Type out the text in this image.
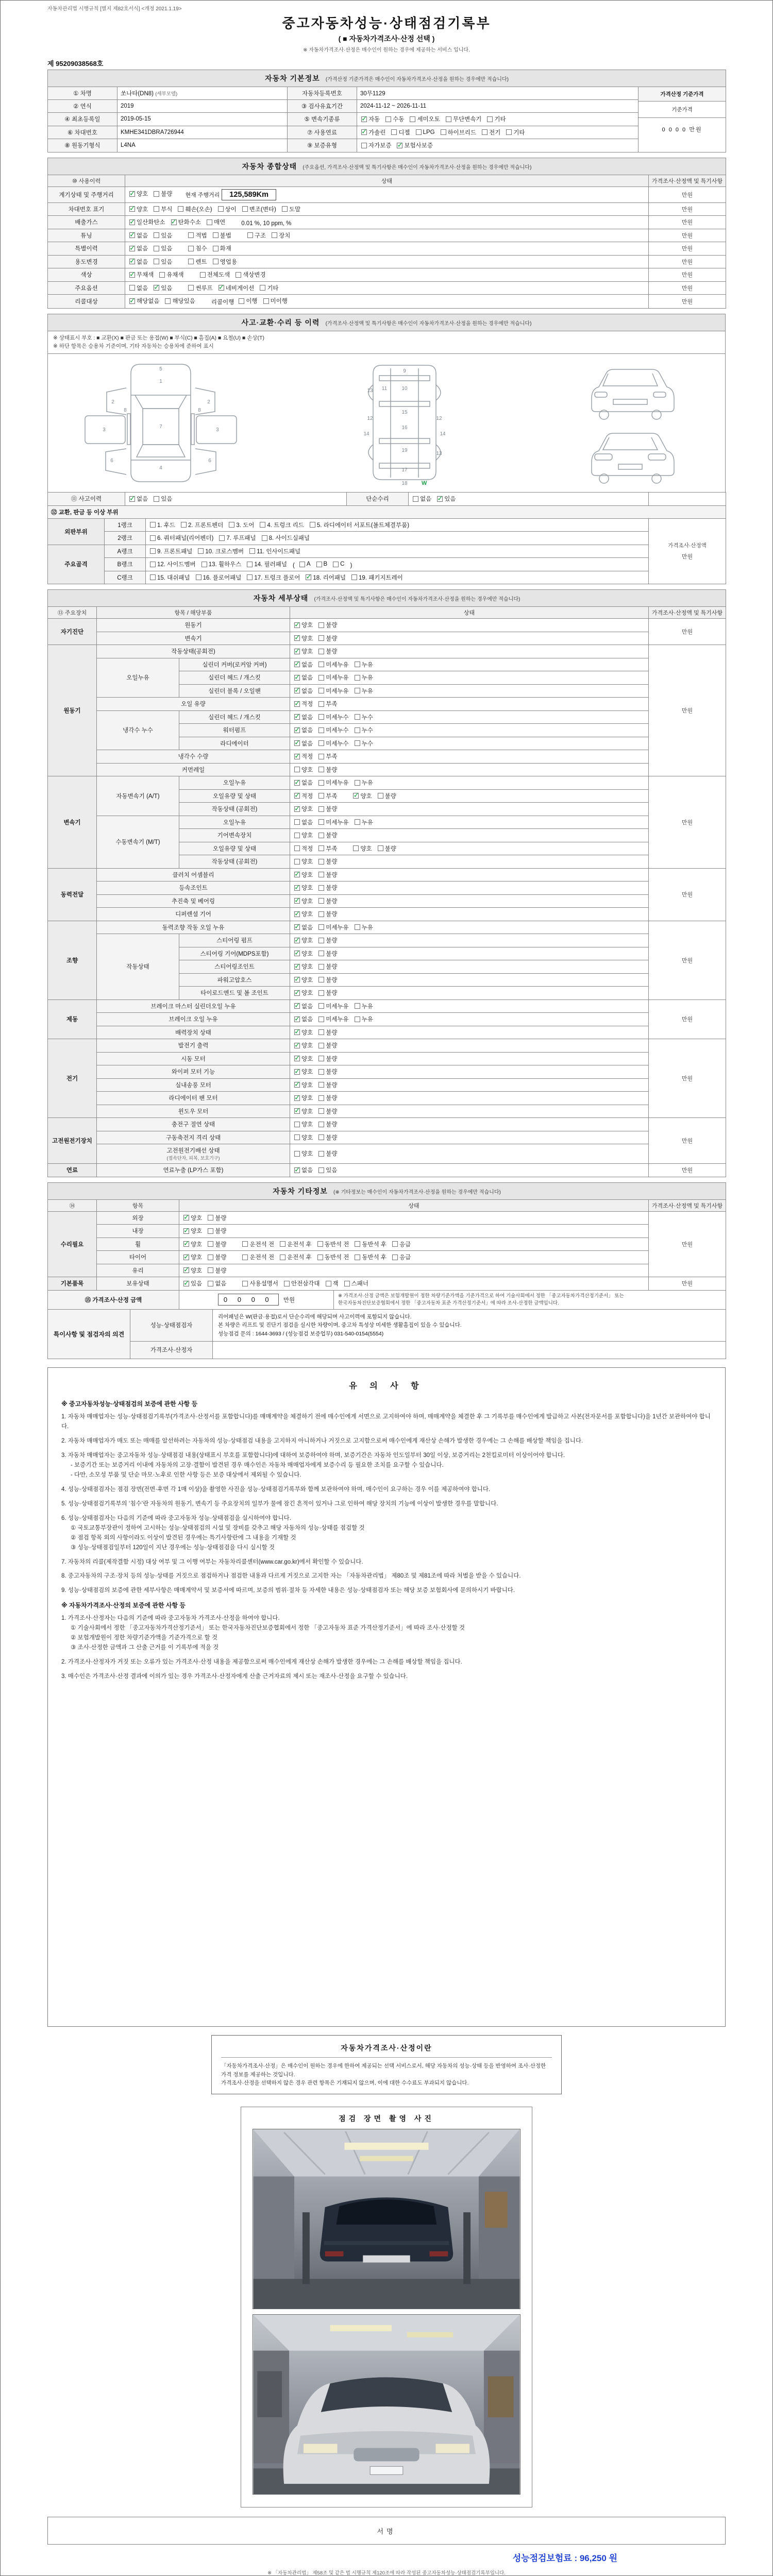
자동차관리법 시행규칙 [별지 제82호서식] <개정 2021.1.19>
중고자동차성능·상태점검기록부
( ■ 자동차가격조사·산정 선택 )
※ 자동차가격조사·산정은 매수인이 원하는 경우에 제공하는 서비스 입니다.
제 95209038568호
자동차 기본정보 (가격산정 기준가격은 매수인이 자동차가격조사·산정을 원하는 경우에만 적습니다)				
① 차명	쏘나타(DN8) (세부모델)	자동차등록번호	30무1129	가격산정 기준가격
기준가격
0 0 0 0 만원

② 연식	2019	③ 검사유효기간	2024-11-12 ~ 2026-11-11	
④ 최초등록일	2019-05-15	⑤ 변속기종류	
✓자동 수동 세미오토 무단변속기 기타

⑥ 차대번호	KMHE341DBRA726944	⑦ 사용연료	
✓가솔린 디젤 LPG 하이브리드 전기 기타

⑧ 원동기형식	L4NA	⑨ 보증유형	자가보증 ✓ 보험사보증
자동차 종합상태 (주요옵션, 가격조사·산정액 및 특기사항은 매수인이 자동차가격조사·산정을 원하는 경우에만 적습니다)		
⑩ 사용이력	상태	가격조사·산정액 및 특기사항
계기상태 및 주행거리	
✓양호 불량 현재 주행거리 125,589Km	만원
차대번호 표기	
✓양호 부식 훼손(오손) 상이 변조(변타) 도말	만원
배출가스	
✓일산화탄소 ✓ 탄화수소 매연 0.01 %, 10 ppm, %	만원
튜닝	
✓없음 있음	적법 불법	구조 장치	만원
특별이력	
✓없음 있음 침수 화재	만원
용도변경	
✓없음 있음 렌트 영업용	만원
색상	
✓무채색 유채색 전체도색 색상변경	만원
주요옵션	없음 ✓ 있음 썬루프 ✓ 네비게이션 기타	만원
리콜대상	
✓해당없음 해당있음 리콜이행 이행 미이행	만원
사고·교환·수리 등 이력 (가격조사·산정액 및 특기사항은 매수인이 자동차가격조사·산정을 원하는 경우에만 적습니다)

※ 상태표시 부호 : ■ 교환(X) ■ 판금 또는 용접(W) ■ 부식(C) ■ 흠집(A) ■ 요철(U) ■ 손상(T)
※ 하단 항목은 승용차 기준이며, 기타 자동차는 승용차에 준하여 표시

1
5
2	2
3	3
7
6	6
4
8	8
9
10
11
15
16
12	12
13
13
14	14
19
17
18 W
⑪ 사고이력	
✓없음 있음	단순수리	없음 ✓ 있음

⑫ 교환, 판금 등 이상 부위			
외판부위	1랭크	1. 후드 2. 프론트펜더 3. 도어 4. 트렁크 리드 5. 라디에이터 서포트(볼트체결부품)

가격조사·산정액
만원

	2랭크	6. 쿼터패널(리어펜더) 7. 루프패널 8. 사이드실패널	

주요골격	A랭크	9. 프론트패널 10. 크로스멤버 11. 인사이드패널	

B랭크	12. 사이드멤버 13. 휠하우스 14. 필러패널 ( A B C )
	C랭크	15. 대쉬패널 16. 플로어패널 17. 트렁크 플로어 ✓ 18. 리어패널 19. 패키지트레이
자동차 세부상태 (가격조사·산정액 및 특기사항은 매수인이 자동차가격조사·산정을 원하는 경우에만 적습니다)				
⑬ 주요장치	항목 / 해당부품		상태	가격조사·산정액 및 특기사항
자기진단	원동기	
✓양호 불량	만원
	변속기	
✓양호 불량

원동기	작동상태(공회전)	
✓양호 불량	만원
	오일누유	실린더 커버(로커암 커버)	
✓없음 미세누유 누유

		실린더 헤드 / 개스킷	
✓없음 미세누유 누유

		실린더 블록 / 오일팬	
✓없음 미세누유 누유

	오일 유량	
✓적정 부족

	냉각수 누수	실린더 헤드 / 개스킷	
✓없음 미세누수 누수

		워터펌프	
✓없음 미세누수 누수

		라디에이터	
✓없음 미세누수 누수

	냉각수 수량	
✓적정 부족

	커먼레일		양호 불량	

변속기	자동변속기 (A/T)	오일누유	
✓없음 미세누유 누유	만원
		오일유량 및 상태	
✓적정 부족 ✓ 양호 불량

		작동상태 (공회전)	
✓양호 불량

	수동변속기 (M/T)	오일누유	없음 미세누유 누유	

		기어변속장치	양호 불량	

		오일유량 및 상태	적정 부족 양호 불량	

		작동상태 (공회전)	양호 불량	

동력전달	클러치 어셈블리	
✓양호 불량	만원
	등속조인트	
✓양호 불량

	추진축 및 베어링	
✓양호 불량

	디퍼렌셜 기어	
✓양호 불량

조향	동력조향 작동 오일 누유	
✓없음 미세누유 누유	만원
	작동상태	스티어링 펌프	
✓양호 불량

		스티어링 기어(MDPS포함)	
✓양호 불량

		스티어링조인트	
✓양호 불량

		파워고압호스	
✓양호 불량

		타이로드엔드 및 볼 조인트	
✓양호 불량

제동	브레이크 마스터 실린더오일 누유	
✓없음 미세누유 누유	만원
	브레이크 오일 누유	
✓없음 미세누유 누유

	배력장치 상태	
✓양호 불량

전기	발전기 출력	
✓양호 불량	만원
	시동 모터	
✓양호 불량

	와이퍼 모터 기능	
✓양호 불량

	실내송풍 모터	
✓양호 불량

	라디에이터 팬 모터	
✓양호 불량

	윈도우 모터	
✓양호 불량

고전원전기장치	충전구 절연 상태		양호 불량	만원
	구동축전지 격리 상태		양호 불량	

	고전원전기배선 상태
(접속단자, 피복, 보호기구)		양호 불량	

연료	연료누출 (LP가스 포함)	
✓없음 있음	만원
자동차 기타정보 (※ 기타정보는 매수인이 자동차가격조사·산정을 원하는 경우에만 적습니다)			
⑭	항목	상태	가격조사·산정액 및 특기사항
수리필요	외장	
✓양호 불량	만원
	내장	
✓양호 불량

휠	
✓양호 불량	운전석 전 운전석 후 동반석 전 동반석 후 응급

타이어	
✓양호 불량	운전석 전 운전석 후 동반석 전 동반석 후 응급

	유리	
✓양호 불량

기본품목	보유상태	
✓있음 없음	사용설명서 안전삼각대 잭 스패너	만원
⑮ 가격조사·산정 금액	0 0 0 0 만원	
※ 가격조사·산정 금액은 보험개발원이 정한 차량기준가액을 기준가격으로 하여 기술사회에서 정한 「중고자동차가격산정기준서」 또는
한국자동차진단보증협회에서 정한 「중고자동차 표준 가격산정기준서」에 따라 조사·산정한 금액입니다.
특이사항 및 점검자의 의견	성능·상태점검자	리어패널은 W(판금·용접)로서 단순수리에 해당되며 사고이력에 포함되지 않습니다.
본 차량은 리프트 및 진단기 점검을 실시한 차량이며, 중고차 특성상 미세한 생활흠집이 있을 수 있습니다.
성능점검 문의 : 1644-3693 / (성능점검 보증업무) 031-540-0154(5554)

	가격조사·산정자	
유 의 사 항
※ 중고자동차성능·상태점검의 보증에 관한 사항 등
1. 자동차 매매업자는 성능·상태점검기록부(가격조사·산정서를 포함합니다)를 매매계약을 체결하기 전에 매수인에게 서면으로 고지하여야 하며, 매매계약을 체결한 후 그 기록부를 매수인에게 발급하고 사본(전자문서를 포함합니다)을 1년간 보관하여야 합니다.
2. 자동차 매매업자가 매도 또는 매매를 알선하려는 자동차의 성능·상태점검 내용을 고지하지 아니하거나 거짓으로 고지함으로써 매수인에게 재산상 손해가 발생한 경우에는 그 손해를 배상할 책임을 집니다.
3. 자동차 매매업자는 중고자동차 성능·상태점검 내용(상태표시 부호를 포함합니다)에 대하여 보증하여야 하며, 보증기간은 자동차 인도일부터 30일 이상, 보증거리는 2천킬로미터 이상이어야 합니다.
- 보증기간 또는 보증거리 이내에 자동차의 고장·결함이 발견된 경우 매수인은 자동차 매매업자에게 보증수리 등 필요한 조치를 요구할 수 있습니다.
- 다만, 소모성 부품 및 단순 마모·노후로 인한 사항 등은 보증 대상에서 제외될 수 있습니다.
4. 성능·상태점검자는 점검 장면(전면·후면 각 1매 이상)을 촬영한 사진을 성능·상태점검기록부와 함께 보관하여야 하며, 매수인이 요구하는 경우 이를 제공하여야 합니다.
5. 성능·상태점검기록부의 ‘침수’란 자동차의 원동기, 변속기 등 주요장치의 일부가 물에 잠긴 흔적이 있거나 그로 인하여 해당 장치의 기능에 이상이 발생한 경우를 말합니다.
6. 성능·상태점검자는 다음의 기준에 따라 중고자동차 성능·상태점검을 실시하여야 합니다.
① 국토교통부장관이 정하여 고시하는 성능·상태점검의 시설 및 장비를 갖추고 해당 자동차의 성능·상태를 점검할 것
② 점검 항목 외의 사항이라도 이상이 발견된 경우에는 특기사항란에 그 내용을 기재할 것
③ 성능·상태점검일부터 120일이 지난 경우에는 성능·상태점검을 다시 실시할 것
7. 자동차의 리콜(제작결함 시정) 대상 여부 및 그 이행 여부는 자동차리콜센터(www.car.go.kr)에서 확인할 수 있습니다.
8. 중고자동차의 구조·장치 등의 성능·상태를 거짓으로 점검하거나 점검한 내용과 다르게 거짓으로 고지한 자는 「자동차관리법」 제80조 및 제81조에 따라 처벌을 받을 수 있습니다.
9. 성능·상태점검의 보증에 관한 세부사항은 매매계약서 및 보증서에 따르며, 보증의 범위·절차 등 자세한 내용은 성능·상태점검자 또는 해당 보증 보험회사에 문의하시기 바랍니다.
※ 자동차가격조사·산정의 보증에 관한 사항 등
1. 가격조사·산정자는 다음의 기준에 따라 중고자동차 가격조사·산정을 하여야 합니다.
① 기술사회에서 정한 「중고자동차가격산정기준서」 또는 한국자동차진단보증협회에서 정한 「중고자동차 표준 가격산정기준서」에 따라 조사·산정할 것
② 보험개발원이 정한 차량기준가액을 기준가격으로 할 것
③ 조사·산정한 금액과 그 산출 근거를 이 기록부에 적을 것
2. 가격조사·산정자가 거짓 또는 오류가 있는 가격조사·산정 내용을 제공함으로써 매수인에게 재산상 손해가 발생한 경우에는 그 손해를 배상할 책임을 집니다.
3. 매수인은 가격조사·산정 결과에 이의가 있는 경우 가격조사·산정자에게 산출 근거자료의 제시 또는 재조사·산정을 요구할 수 있습니다.
자동차가격조사·산정이란
「자동차가격조사·산정」은 매수인이 원하는 경우에 한하여 제공되는 선택 서비스로서, 해당 자동차의 성능·상태 등을 반영하여 조사·산정한 가격 정보를 제공하는 것입니다.
가격조사·산정을 선택하지 않은 경우 관련 항목은 기재되지 않으며, 이에 대한 수수료도 부과되지 않습니다.
점검 장면 촬영 사진
서명
성능점검보험료 : 96,250 원
※ 「자동차관리법」 제58조 및 같은 법 시행규칙 제120조에 따라 작성된 중고자동차성능·상태점검기록부입니다.
